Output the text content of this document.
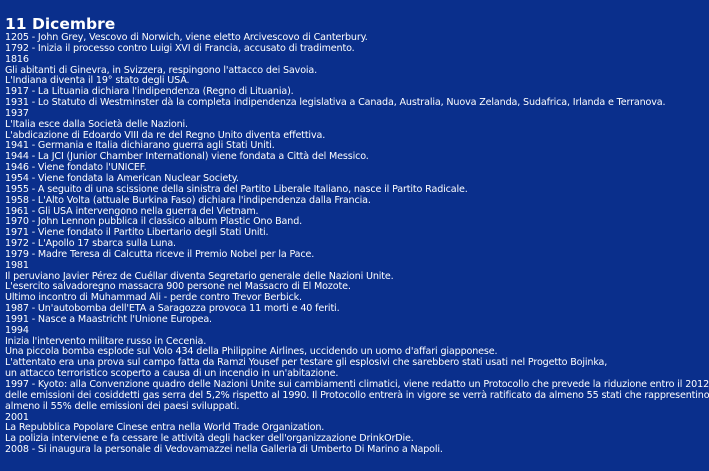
11 Dicembre
1205 - John Grey, Vescovo di Norwich, viene eletto Arcivescovo di Canterbury.
1792 - Inizia il processo contro Luigi XVI di Francia, accusato di tradimento.
1816
Gli abitanti di Ginevra, in Svizzera, respingono l'attacco dei Savoia.
L'Indiana diventa il 19° stato degli USA.
1917 - La Lituania dichiara l'indipendenza (Regno di Lituania).
1931 - Lo Statuto di Westminster dà la completa indipendenza legislativa a Canada, Australia, Nuova Zelanda, Sudafrica, Irlanda e Terranova.
1937
L'Italia esce dalla Società delle Nazioni.
L'abdicazione di Edoardo VIII da re del Regno Unito diventa effettiva.
1941 - Germania e Italia dichiarano guerra agli Stati Uniti.
1944 - La JCI (Junior Chamber International) viene fondata a Città del Messico.
1946 - Viene fondato l'UNICEF.
1954 - Viene fondata la American Nuclear Society.
1955 - A seguito di una scissione della sinistra del Partito Liberale Italiano, nasce il Partito Radicale.
1958 - L'Alto Volta (attuale Burkina Faso) dichiara l'indipendenza dalla Francia.
1961 - Gli USA intervengono nella guerra del Vietnam.
1970 - John Lennon pubblica il classico album Plastic Ono Band.
1971 - Viene fondato il Partito Libertario degli Stati Uniti.
1972 - L'Apollo 17 sbarca sulla Luna.
1979 - Madre Teresa di Calcutta riceve il Premio Nobel per la Pace.
1981
Il peruviano Javier Pérez de Cuéllar diventa Segretario generale delle Nazioni Unite.
L'esercito salvadoregno massacra 900 persone nel Massacro di El Mozote.
Ultimo incontro di Muhammad Ali - perde contro Trevor Berbick.
1987 - Un'autobomba dell'ETA a Saragozza provoca 11 morti e 40 feriti.
1991 - Nasce a Maastricht l'Unione Europea.
1994
Inizia l'intervento militare russo in Cecenia.
Una piccola bomba esplode sul Volo 434 della Philippine Airlines, uccidendo un uomo d'affari giapponese.
L'attentato era una prova sul campo fatta da Ramzi Yousef per testare gli esplosivi che sarebbero stati usati nel Progetto Bojinka,
un attacco terroristico scoperto a causa di un incendio in un'abitazione.
1997 - Kyoto: alla Convenzione quadro delle Nazioni Unite sui cambiamenti climatici, viene redatto un Protocollo che prevede la riduzione entro il 2012
delle emissioni dei cosiddetti gas serra del 5,2% rispetto al 1990. Il Protocollo entrerà in vigore se verrà ratificato da almeno 55 stati che rappresentino
almeno il 55% delle emissioni dei paesi sviluppati.
2001
La Repubblica Popolare Cinese entra nella World Trade Organization.
La polizia interviene e fa cessare le attività degli hacker dell'organizzazione DrinkOrDie.
2008 - Si inaugura la personale di Vedovamazzei nella Galleria di Umberto Di Marino a Napoli.
